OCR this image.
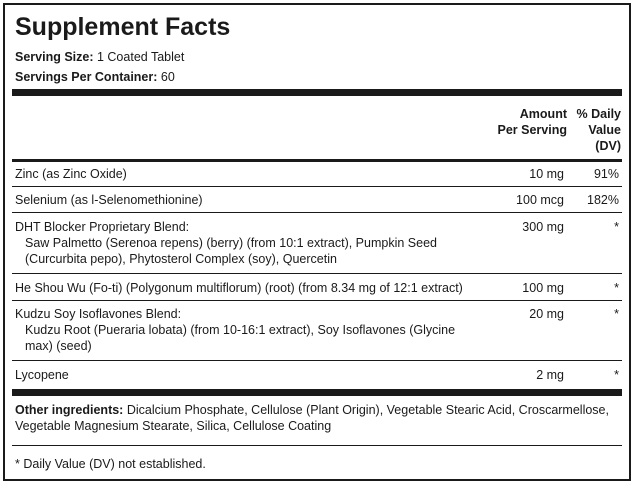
Supplement Facts
Serving Size: 1 Coated Tablet
Servings Per Container: 60
Amount
Per Serving
% Daily
Value
(DV)
Zinc (as Zinc Oxide)	10 mg 91%
Selenium (as l-Selenomethionine)	100 mcg 182%
DHT Blocker Proprietary Blend:
Saw Palmetto (Serenoa repens) (berry) (from 10:1 extract), Pumpkin Seed
(Curcurbita pepo), Phytosterol Complex (soy), Quercetin
300 mg	*
He Shou Wu (Fo-ti) (Polygonum multiflorum) (root) (from 8.34 mg of 12:1 extract)	100 mg	*
Kudzu Soy Isoflavones Blend:
Kudzu Root (Pueraria lobata) (from 10-16:1 extract), Soy Isoflavones (Glycine
max) (seed)
20 mg	*
Lycopene	2 mg	*
Other ingredients: Dicalcium Phosphate, Cellulose (Plant Origin), Vegetable Stearic Acid, Croscarmellose,
Vegetable Magnesium Stearate, Silica, Cellulose Coating
* Daily Value (DV) not established.
